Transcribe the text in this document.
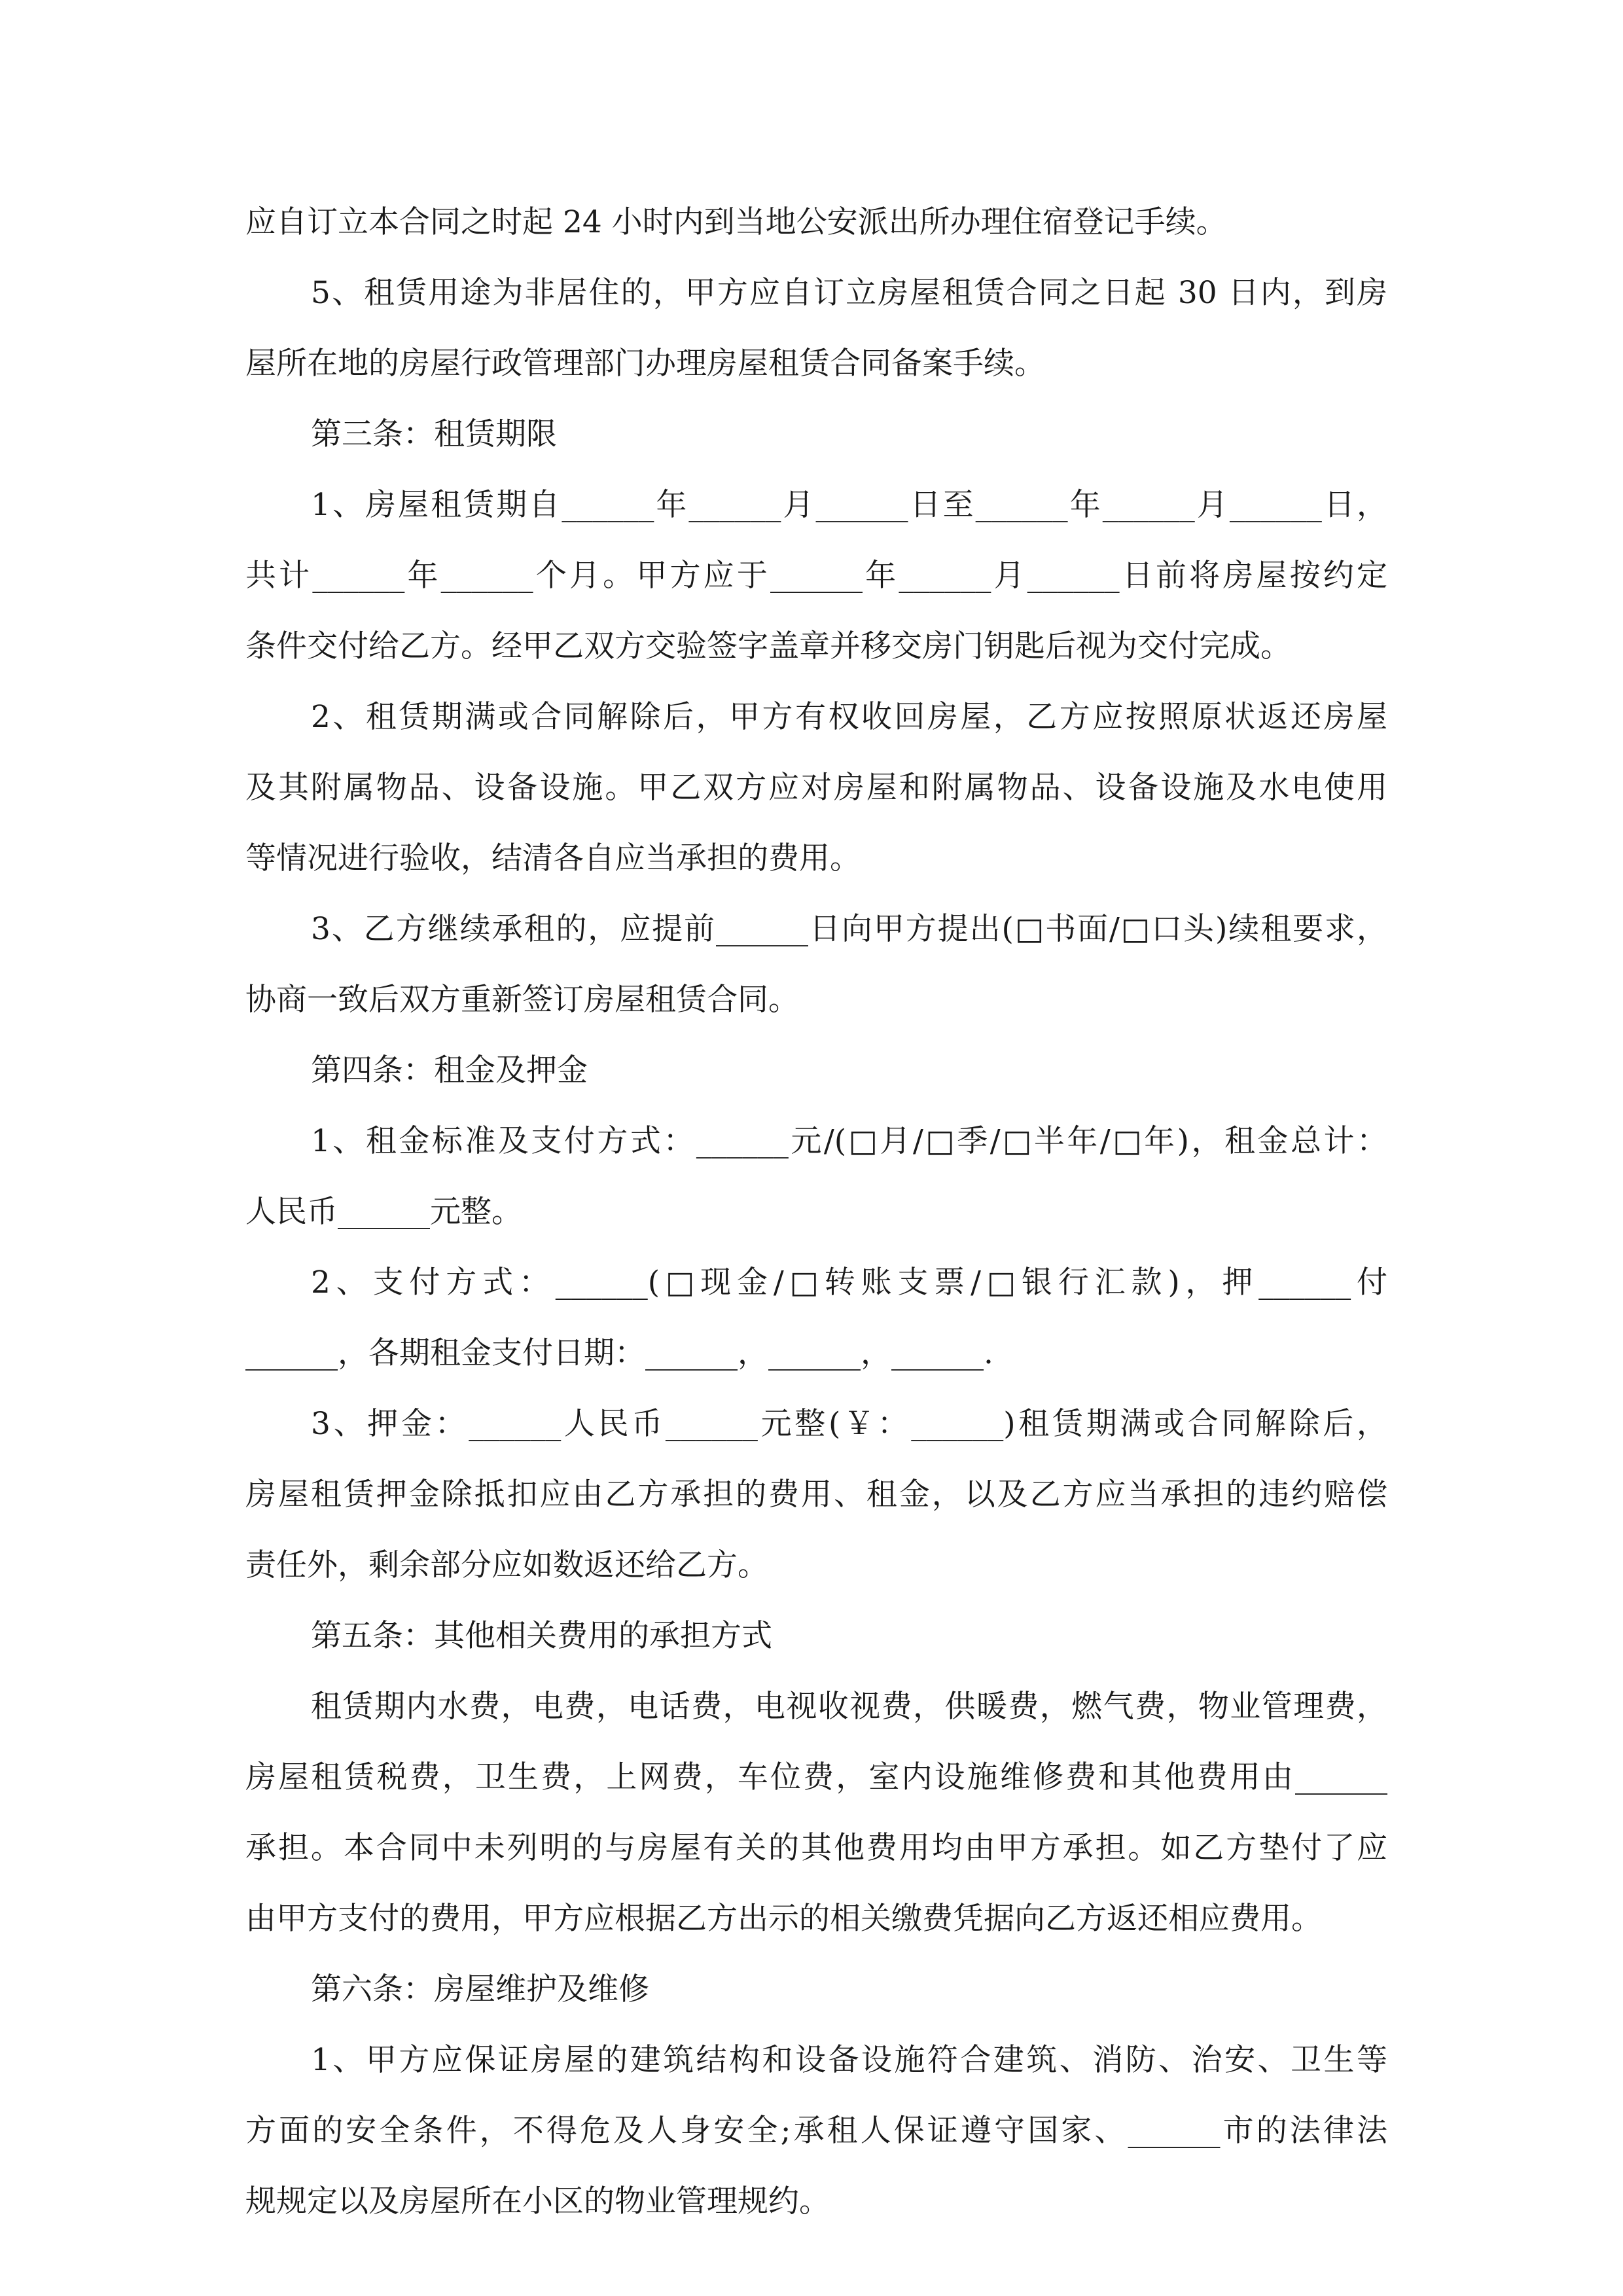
应自订立本合同之时起 24 小时内到当地公安派出所办理住宿登记手续。
5、租赁用途为非居住的，甲方应自订立房屋租赁合同之日起 30 日内，到房
屋所在地的房屋行政管理部门办理房屋租赁合同备案手续。
第三条：租赁期限
1、房屋租赁期自______年______月______日至______年______月______日，
共计______年______个月。甲方应于______年______月______日前将房屋按约定
条件交付给乙方。经甲乙双方交验签字盖章并移交房门钥匙后视为交付完成。
2、租赁期满或合同解除后，甲方有权收回房屋，乙方应按照原状返还房屋
及其附属物品、设备设施。甲乙双方应对房屋和附属物品、设备设施及水电使用
等情况进行验收，结清各自应当承担的费用。
3、乙方继续承租的，应提前______日向甲方提出(□书面/□口头)续租要求，
协商一致后双方重新签订房屋租赁合同。
第四条：租金及押金
1、租金标准及支付方式：______元/(□月/□季/□半年/□年)，租金总计：
人民币______元整。
2、支付方式：______(□现金/□转账支票/□银行汇款)，押______付
______，各期租金支付日期：______，______，______.
3、押金：______人民币______元整(￥：______)租赁期满或合同解除后，
房屋租赁押金除抵扣应由乙方承担的费用、租金，以及乙方应当承担的违约赔偿
责任外，剩余部分应如数返还给乙方。
第五条：其他相关费用的承担方式
租赁期内水费，电费，电话费，电视收视费，供暖费，燃气费，物业管理费，
房屋租赁税费，卫生费，上网费，车位费，室内设施维修费和其他费用由______
承担。本合同中未列明的与房屋有关的其他费用均由甲方承担。如乙方垫付了应
由甲方支付的费用，甲方应根据乙方出示的相关缴费凭据向乙方返还相应费用。
第六条：房屋维护及维修
1、甲方应保证房屋的建筑结构和设备设施符合建筑、消防、治安、卫生等
方面的安全条件，不得危及人身安全;承租人保证遵守国家、______市的法律法
规规定以及房屋所在小区的物业管理规约。
